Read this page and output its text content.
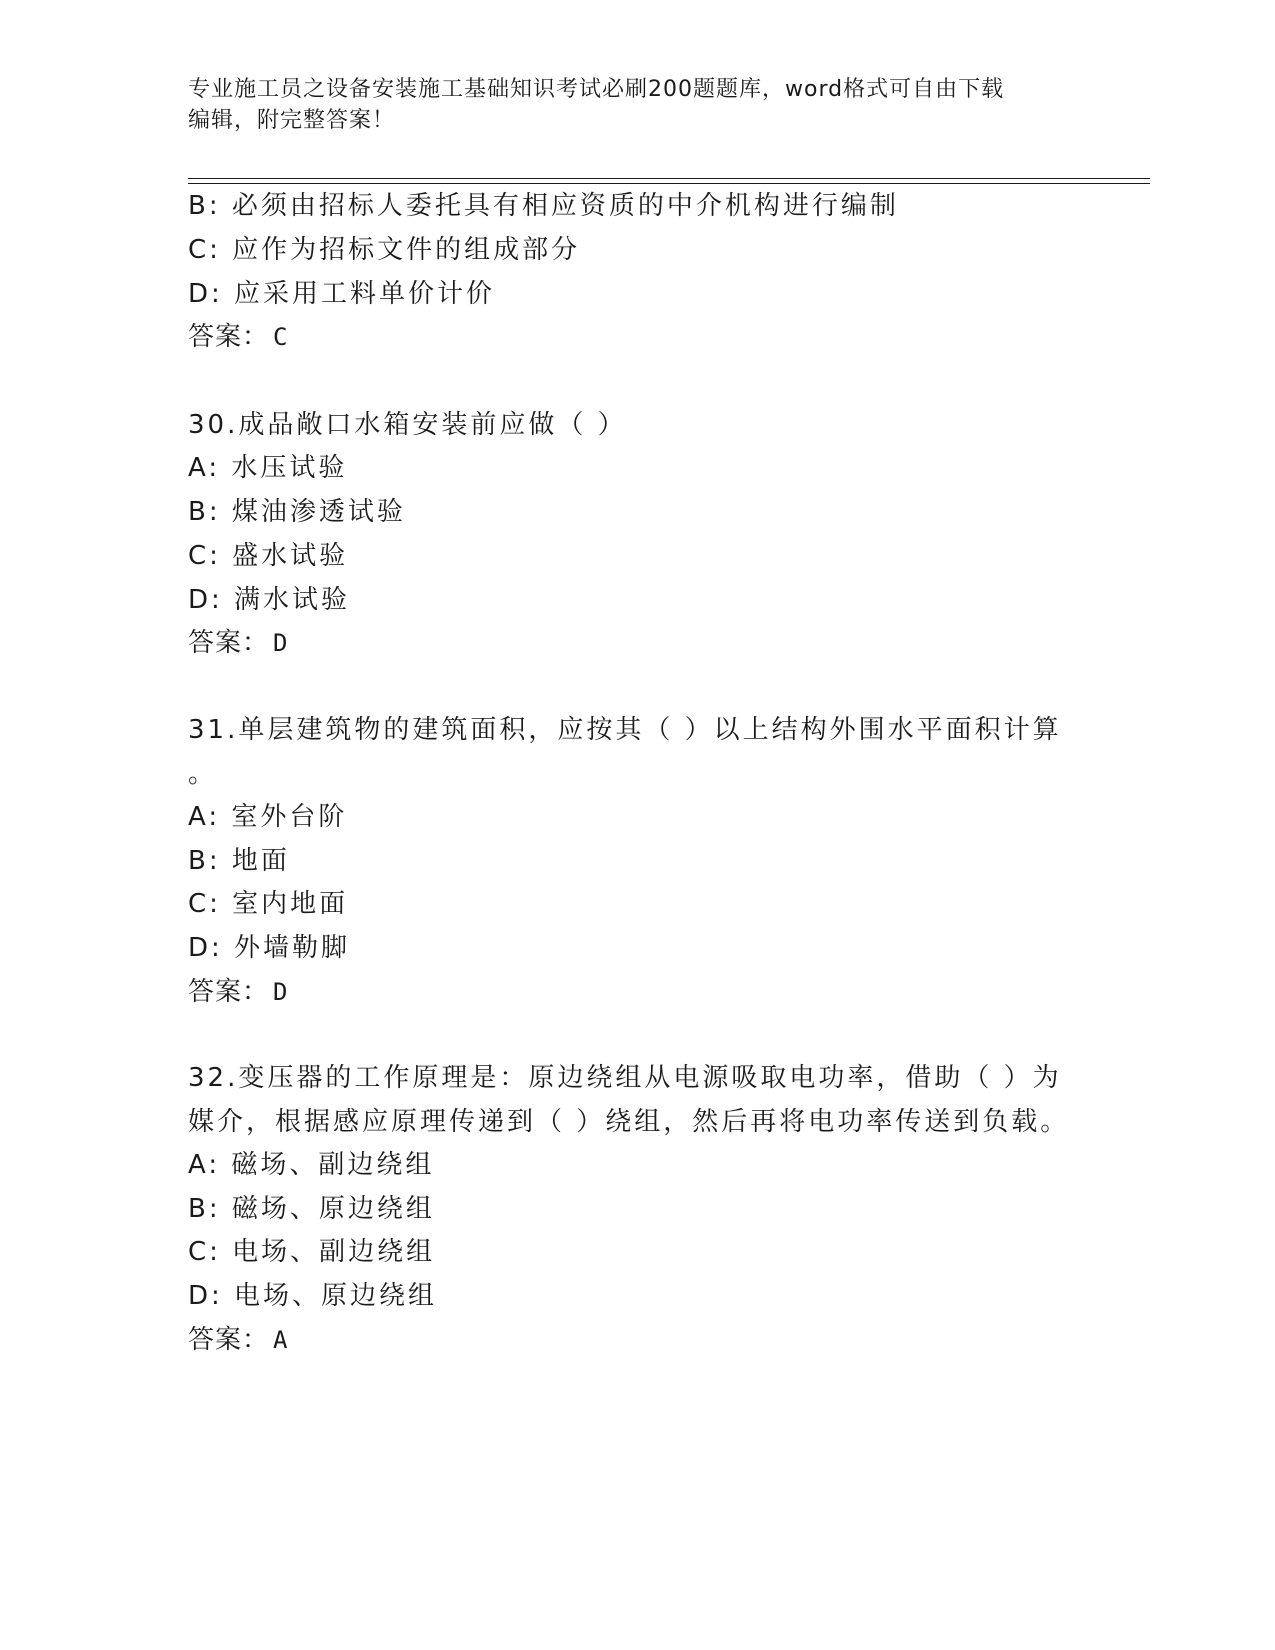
专业施工员之设备安装施工基础知识考试必刷200题题库，word格式可自由下载
编辑，附完整答案！

B: 必须由招标人委托具有相应资质的中介机构进行编制

C: 应作为招标文件的组成部分

D: 应采用工料单价计价

答案： C

30.成品敞口水箱安装前应做（ ）

A: 水压试验

B: 煤油渗透试验

C: 盛水试验

D: 满水试验

答案： D

31.单层建筑物的建筑面积，应按其（ ）以上结构外围水平面积计算

。

A: 室外台阶

B: 地面

C: 室内地面

D: 外墙勒脚

答案： D

32.变压器的工作原理是：原边绕组从电源吸取电功率，借助（ ）为

媒介，根据感应原理传递到（ ）绕组，然后再将电功率传送到负载。

A: 磁场、副边绕组

B: 磁场、原边绕组

C: 电场、副边绕组

D: 电场、原边绕组

答案： A
